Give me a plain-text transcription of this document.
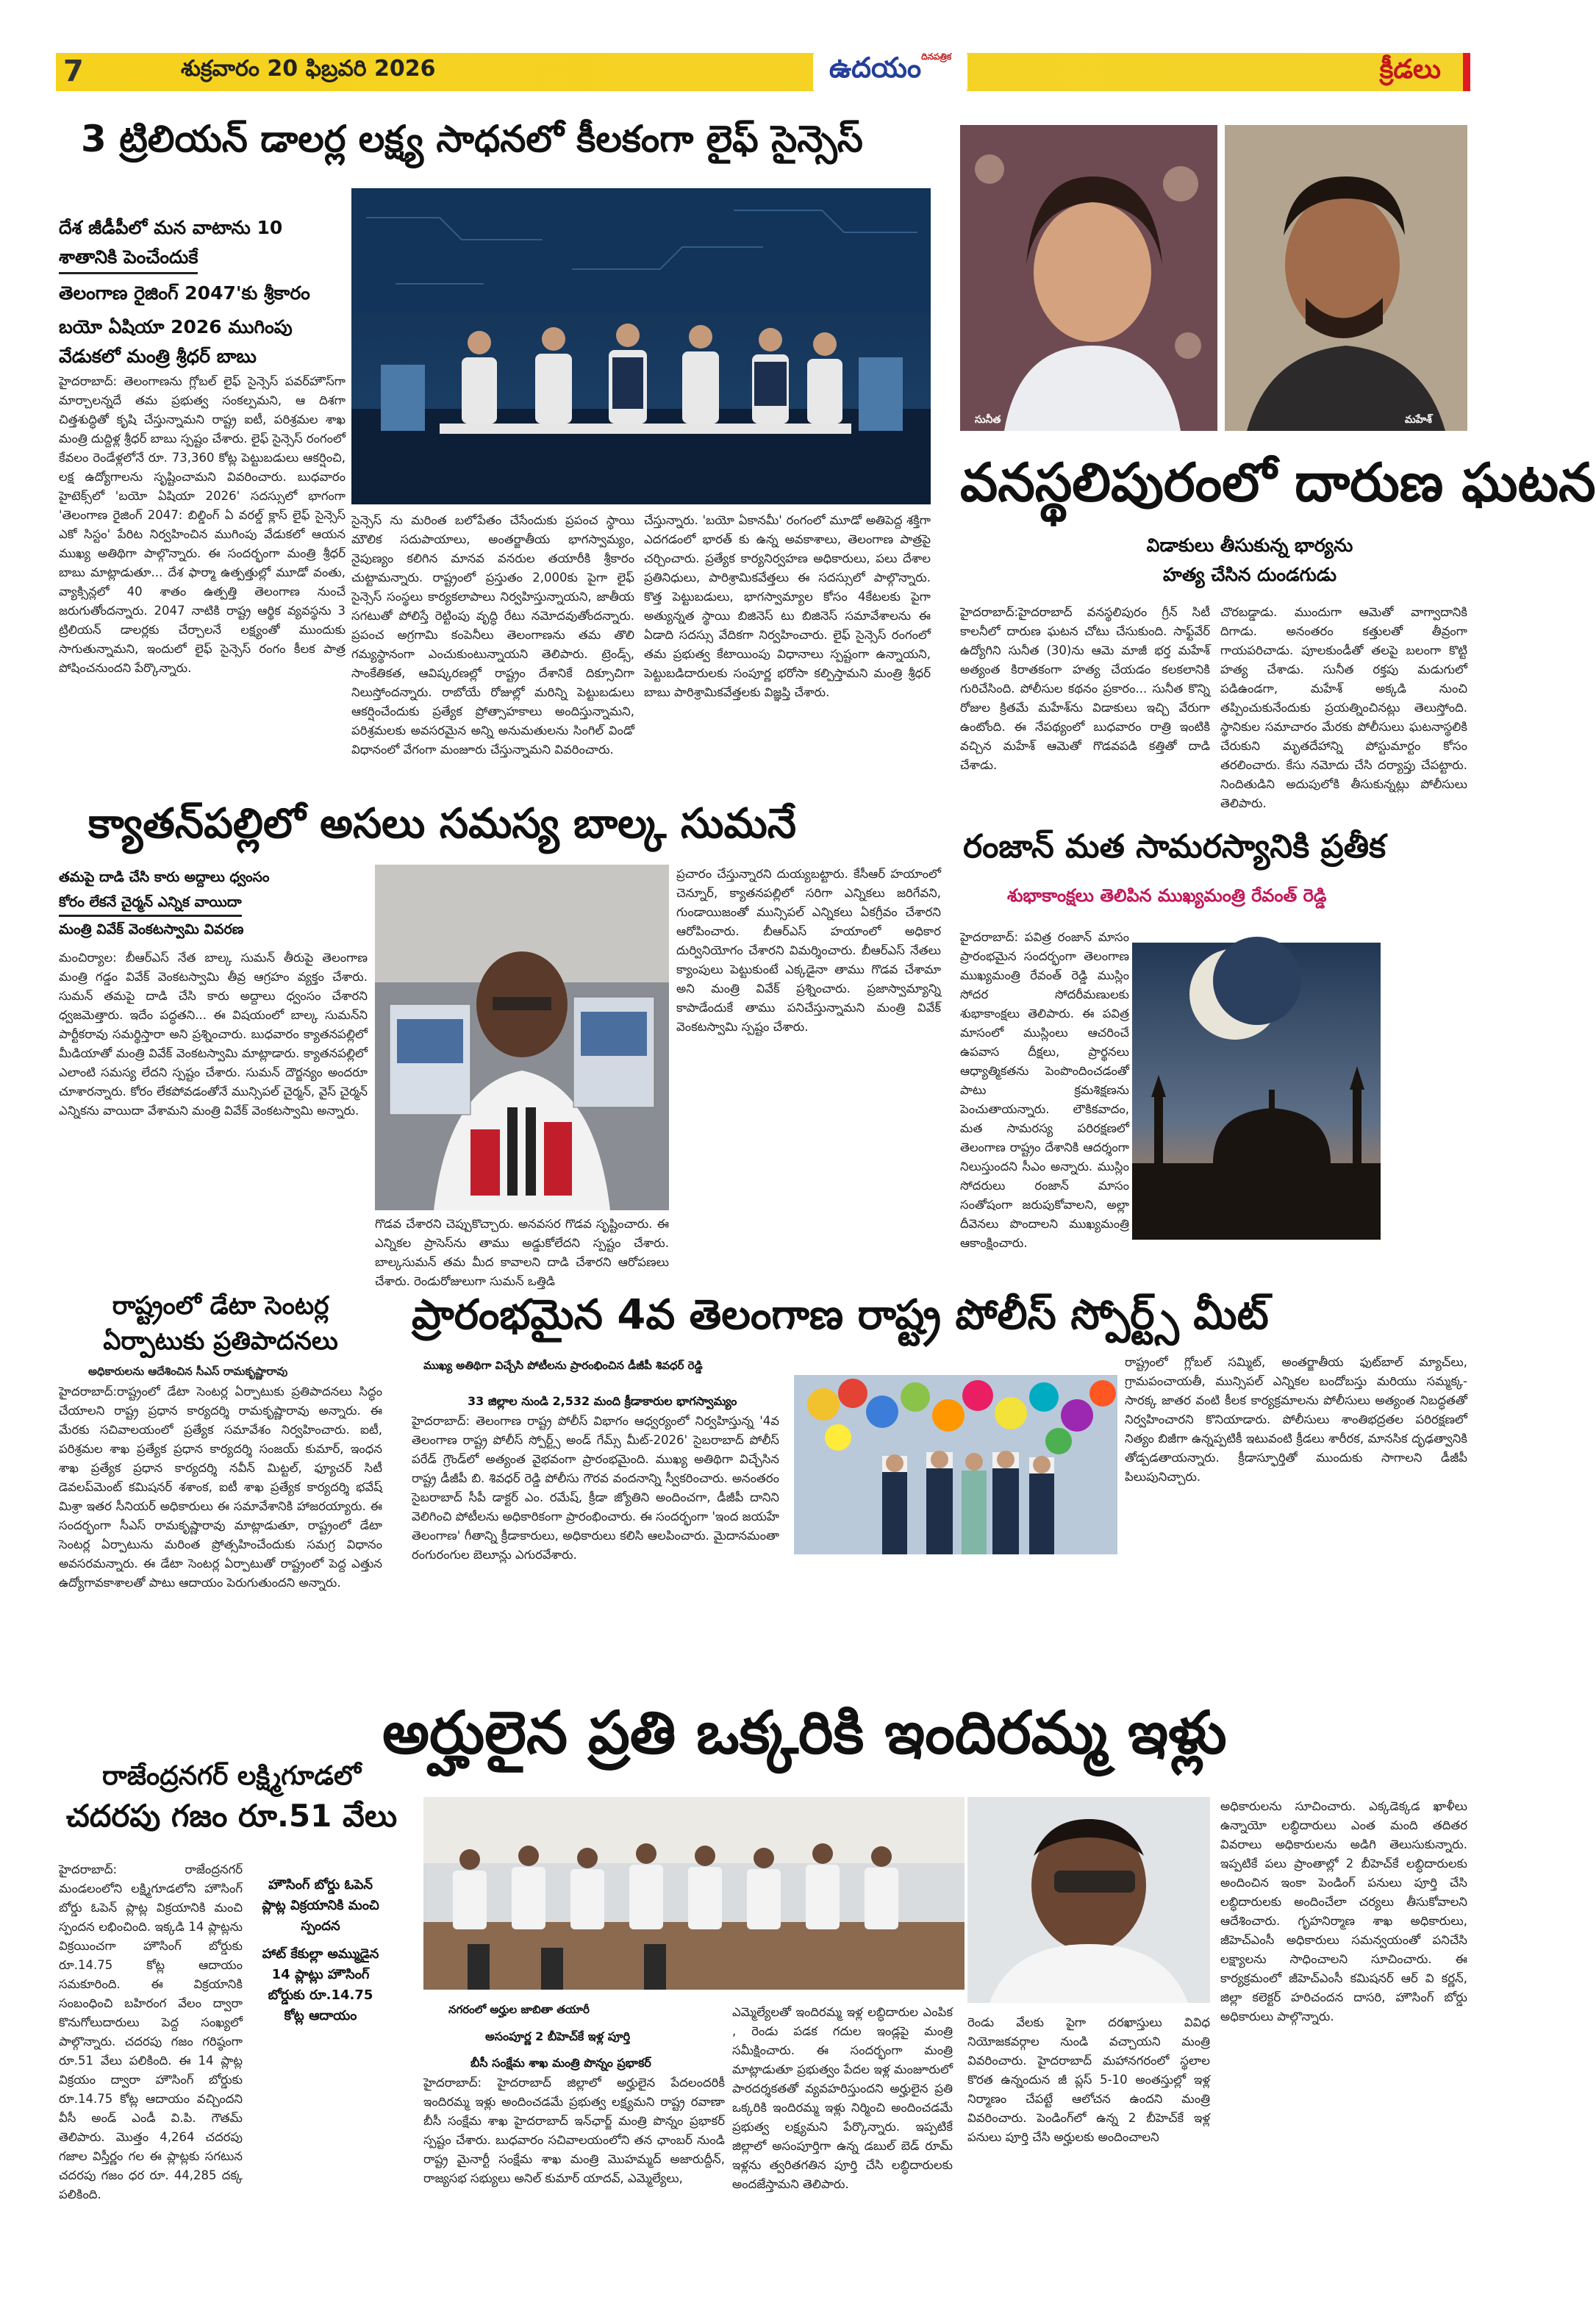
7	శుక్రవారం 20 ఫిబ్రవరి 2026	ఉదయం$^{దినపత్రిక}$	క్రీడలు
3 ట్రిలియన్ డాలర్ల లక్ష్య సాధనలో కీలకంగా లైఫ్ సైన్సెస్
దేశ జీడీపీలో మన వాటాను 10
శాతానికి పెంచేందుకే
తెలంగాణ రైజింగ్ 2047'కు శ్రీకారం
బయో ఏషియా 2026 ముగింపు
వేడుకలో మంత్రి శ్రీధర్ బాబు
హైదరాబాద్: తెలంగాణను గ్లోబల్ లైఫ్ సైన్సెస్ పవర్‌హౌస్‌గా మార్చాలన్నదే తమ ప్రభుత్వ సంకల్పమని, ఆ దిశగా చిత్తశుద్ధితో కృషి చేస్తున్నామని రాష్ట్ర ఐటీ, పరిశ్రమల శాఖ మంత్రి దుద్దిళ్ల శ్రీధర్ బాబు స్పష్టం చేశారు. లైఫ్ సైన్సెస్ రంగంలో కేవలం రెండేళ్లలోనే రూ. 73,360 కోట్ల పెట్టుబడులు ఆకర్షించి, లక్ష ఉద్యోగాలను సృష్టించామని వివరించారు. బుధవారం హైటెక్స్‌లో 'బయో ఏషియా 2026' సదస్సులో భాగంగా 'తెలంగాణ రైజింగ్ 2047: బిల్డింగ్ ఏ వరల్డ్ క్లాస్ లైఫ్ సైన్సెస్ ఎకో సిస్టం' పేరిట నిర్వహించిన ముగింపు వేడుకలో ఆయన ముఖ్య అతిథిగా పాల్గొన్నారు. ఈ సందర్భంగా మంత్రి శ్రీధర్ బాబు మాట్లాడుతూ... దేశ ఫార్మా ఉత్పత్తుల్లో మూడో వంతు, వ్యాక్సిన్లలో 40 శాతం ఉత్పత్తి తెలంగాణ నుంచే జరుగుతోందన్నారు. 2047 నాటికి రాష్ట్ర ఆర్థిక వ్యవస్థను 3 ట్రిలియన్ డాలర్లకు చేర్చాలనే లక్ష్యంతో ముందుకు సాగుతున్నామని, ఇందులో లైఫ్ సైన్సెస్ రంగం కీలక పాత్ర పోషించనుందని పేర్కొన్నారు.
సైన్సెస్ ను మరింత బలోపేతం చేసేందుకు ప్రపంచ స్థాయి మౌలిక సదుపాయాలు, అంతర్జాతీయ భాగస్వామ్యం, నైపుణ్యం కలిగిన మానవ వనరుల తయారీకి శ్రీకారం చుట్టామన్నారు. రాష్ట్రంలో ప్రస్తుతం 2,000కు పైగా లైఫ్ సైన్సెస్ సంస్థలు కార్యకలాపాలు నిర్వహిస్తున్నాయని, జాతీయ సగటుతో పోలిస్తే రెట్టింపు వృద్ధి రేటు నమోదవుతోందన్నారు. ప్రపంచ అగ్రగామి కంపెనీలు తెలంగాణను తమ తొలి గమ్యస్థానంగా ఎంచుకుంటున్నాయని తెలిపారు. ట్రెండ్స్, సాంకేతికత, ఆవిష్కరణల్లో రాష్ట్రం దేశానికే దిక్సూచిగా నిలుస్తోందన్నారు. రాబోయే రోజుల్లో మరిన్ని పెట్టుబడులు ఆకర్షించేందుకు ప్రత్యేక ప్రోత్సాహకాలు అందిస్తున్నామని, పరిశ్రమలకు అవసరమైన అన్ని అనుమతులను సింగిల్ విండో విధానంలో వేగంగా మంజూరు చేస్తున్నామని వివరించారు.
చేస్తున్నారు. 'బయో ఏకానమీ' రంగంలో మూడో అతిపెద్ద శక్తిగా ఎదగడంలో భారత్ కు ఉన్న అవకాశాలు, తెలంగాణ పాత్రపై చర్చించారు. ప్రత్యేక కార్యనిర్వహణ అధికారులు, పలు దేశాల ప్రతినిధులు, పారిశ్రామికవేత్తలు ఈ సదస్సులో పాల్గొన్నారు. కొత్త పెట్టుబడులు, భాగస్వామ్యాల కోసం 4కేటలకు పైగా అత్యున్నత స్థాయి బిజినెస్ టు బిజినెస్ సమావేశాలను ఈ ఏడాది సదస్సు వేదికగా నిర్వహించారు. లైఫ్ సైన్సెస్ రంగంలో తమ ప్రభుత్వ కేటాయింపు విధానాలు స్పష్టంగా ఉన్నాయని, పెట్టుబడిదారులకు సంపూర్ణ భరోసా కల్పిస్తామని మంత్రి శ్రీధర్ బాబు పారిశ్రామికవేత్తలకు విజ్ఞప్తి చేశారు.
సునీత	మహేశ్
వనస్థలిపురంలో దారుణ ఘటన
విడాకులు తీసుకున్న భార్యను
హత్య చేసిన దుండగుడు
హైదరాబాద్:హైదరాబాద్ వనస్థలిపురం గ్రీన్ సిటీ కాలనీలో దారుణ ఘటన చోటు చేసుకుంది. సాఫ్ట్‌వేర్ ఉద్యోగిని సునీత (30)ను ఆమె మాజీ భర్త మహేశ్ అత్యంత కిరాతకంగా హత్య చేయడం కలకలానికి గురిచేసింది. పోలీసుల కథనం ప్రకారం... సునీత కొన్ని రోజుల క్రితమే మహేశ్‌ను విడాకులు ఇచ్చి వేరుగా ఉంటోంది. ఈ నేపథ్యంలో బుధవారం రాత్రి ఇంటికి వచ్చిన మహేశ్ ఆమెతో గొడవపడి కత్తితో దాడి చేశాడు.
చొరబడ్డాడు. ముందుగా ఆమెతో వాగ్వాదానికి దిగాడు. అనంతరం కత్తులతో తీవ్రంగా గాయపరిచాడు. పూలకుండీతో తలపై బలంగా కొట్టి హత్య చేశాడు. సునీత రక్తపు మడుగులో పడిఉండగా, మహేశ్ అక్కడి నుంచి తప్పించుకునేందుకు ప్రయత్నించినట్లు తెలుస్తోంది. స్థానికుల సమాచారం మేరకు పోలీసులు ఘటనాస్థలికి చేరుకుని మృతదేహాన్ని పోస్టుమార్టం కోసం తరలించారు. కేసు నమోదు చేసి దర్యాప్తు చేపట్టారు. నిందితుడిని అదుపులోకి తీసుకున్నట్లు పోలీసులు తెలిపారు.
క్యాతన్‌పల్లిలో అసలు సమస్య బాల్క సుమనే
తమపై దాడి చేసి కారు అద్దాలు ధ్వంసం
కోరం లేకనే చైర్మన్ ఎన్నిక వాయిదా
మంత్రి వివేక్ వెంకటస్వామి వివరణ
మంచిర్యాల: బీఆర్ఎస్ నేత బాల్క సుమన్ తీరుపై తెలంగాణ మంత్రి గడ్డం వివేక్ వెంకటస్వామి తీవ్ర ఆగ్రహం వ్యక్తం చేశారు. సుమన్ తమపై దాడి చేసి కారు అద్దాలు ధ్వంసం చేశారని ధ్వజమెత్తారు. ఇదేం పద్ధతని... ఈ విషయంలో బాల్క సుమన్‌ని పార్టీకరావు సమర్థిస్తారా అని ప్రశ్నించారు. బుధవారం క్యాతనపల్లిలో మీడియాతో మంత్రి వివేక్ వెంకటస్వామి మాట్లాడారు. క్యాతనపల్లిలో ఎలాంటి సమస్య లేదని స్పష్టం చేశారు. సుమన్ దౌర్జన్యం అందరూ చూశారన్నారు. కోరం లేకపోవడంతోనే మున్సిపల్ చైర్మన్, వైస్ చైర్మన్ ఎన్నికను వాయిదా వేశామని మంత్రి వివేక్ వెంకటస్వామి అన్నారు.
గొడవ చేశారని చెప్పుకొచ్చారు. అనవసర గొడవ సృష్టించారు. ఈ ఎన్నికల ప్రాసెస్‌ను తాము అడ్డుకోలేదని స్పష్టం చేశారు. బాల్కసుమన్ తమ మీద కావాలని దాడి చేశారని ఆరోపణలు చేశారు. రెండురోజులుగా సుమన్ ఒత్తిడి
ప్రచారం చేస్తున్నారని దుయ్యబట్టారు. కేసీఆర్ హయాంలో చెన్నూర్, క్యాతనపల్లిలో సరిగా ఎన్నికలు జరిగేవని, గుండాయిజంతో మున్సిపల్ ఎన్నికలు ఏకగ్రీవం చేశారని ఆరోపించారు. బీఆర్ఎస్ హయాంలో అధికార దుర్వినియోగం చేశారని విమర్శించారు. బీఆర్ఎస్ నేతలు క్యాంపులు పెట్టుకుంటే ఎక్కడైనా తాము గొడవ చేశామా అని మంత్రి వివేక్ ప్రశ్నించారు. ప్రజాస్వామ్యాన్ని కాపాడేందుకే తాము పనిచేస్తున్నామని మంత్రి వివేక్ వెంకటస్వామి స్పష్టం చేశారు.
రంజాన్ మత సామరస్యానికి ప్రతీక
శుభాకాంక్షలు తెలిపిన ముఖ్యమంత్రి రేవంత్ రెడ్డి
హైదరాబాద్: పవిత్ర రంజాన్ మాసం ప్రారంభమైన సందర్భంగా తెలంగాణ ముఖ్యమంత్రి రేవంత్ రెడ్డి ముస్లిం సోదర సోదరీమణులకు శుభాకాంక్షలు తెలిపారు. ఈ పవిత్ర మాసంలో ముస్లింలు ఆచరించే ఉపవాస దీక్షలు, ప్రార్థనలు ఆధ్యాత్మికతను పెంపొందించడంతో పాటు క్రమశిక్షణను పెంచుతాయన్నారు. లౌకికవాదం, మత సామరస్య పరిరక్షణలో తెలంగాణ రాష్ట్రం దేశానికి ఆదర్శంగా నిలుస్తుందని సీఎం అన్నారు. ముస్లిం సోదరులు రంజాన్ మాసం సంతోషంగా జరుపుకోవాలని, అల్లా దీవెనలు పొందాలని ముఖ్యమంత్రి ఆకాంక్షించారు.
రాష్ట్రంలో డేటా సెంటర్ల ఏర్పాటుకు ప్రతిపాదనలు
అధికారులను ఆదేశించిన సీఎస్ రామకృష్ణారావు
హైదరాబాద్:రాష్ట్రంలో డేటా సెంటర్ల ఏర్పాటుకు ప్రతిపాదనలు సిద్ధం చేయాలని రాష్ట్ర ప్రధాన కార్యదర్శి రామకృష్ణారావు అన్నారు. ఈ మేరకు సచివాలయంలో ప్రత్యేక సమావేశం నిర్వహించారు. ఐటీ, పరిశ్రమల శాఖ ప్రత్యేక ప్రధాన కార్యదర్శి సంజయ్ కుమార్, ఇంధన శాఖ ప్రత్యేక ప్రధాన కార్యదర్శి నవీన్ మిట్టల్, ఫ్యూచర్ సిటీ డెవలప్‌మెంట్ కమిషనర్ శశాంక, ఐటీ శాఖ ప్రత్యేక కార్యదర్శి భవేష్ మిశ్రా ఇతర సీనియర్ అధికారులు ఈ సమావేశానికి హాజరయ్యారు. ఈ సందర్భంగా సీఎస్ రామకృష్ణారావు మాట్లాడుతూ, రాష్ట్రంలో డేటా సెంటర్ల ఏర్పాటును మరింత ప్రోత్సహించేందుకు సమగ్ర విధానం అవసరమన్నారు. ఈ డేటా సెంటర్ల ఏర్పాటుతో రాష్ట్రంలో పెద్ద ఎత్తున ఉద్యోగావకాశాలతో పాటు ఆదాయం పెరుగుతుందని అన్నారు.
ప్రారంభమైన 4వ తెలంగాణ రాష్ట్ర పోలీస్ స్పోర్ట్స్ మీట్
ముఖ్య అతిథిగా విచ్చేసి పోటీలను ప్రారంభించిన డీజీపీ శివధర్ రెడ్డి
33 జిల్లాల నుండి 2,532 మంది క్రీడాకారుల భాగస్వామ్యం
హైదరాబాద్: తెలంగాణ రాష్ట్ర పోలీస్ విభాగం ఆధ్వర్యంలో నిర్వహిస్తున్న '4వ తెలంగాణ రాష్ట్ర పోలీస్ స్పోర్ట్స్ అండ్ గేమ్స్ మీట్-2026' సైబరాబాద్ పోలీస్ పరేడ్ గ్రౌండ్‌లో అత్యంత వైభవంగా ప్రారంభమైంది. ముఖ్య అతిథిగా విచ్చేసిన రాష్ట్ర డీజీపీ బి. శివధర్ రెడ్డి పోలీసు గౌరవ వందనాన్ని స్వీకరించారు. అనంతరం సైబరాబాద్ సీపీ డాక్టర్ ఎం. రమేష్, క్రీడా జ్యోతిని అందించగా, డీజీపీ దానిని వెలిగించి పోటీలను అధికారికంగా ప్రారంభించారు. ఈ సందర్భంగా 'ఇంద జయహే తెలంగాణ' గీతాన్ని క్రీడాకారులు, అధికారులు కలిసి ఆలపించారు. మైదానమంతా రంగురంగుల బెలూన్లు ఎగురవేశారు.
రాష్ట్రంలో గ్లోబల్ సమ్మిట్, అంతర్జాతీయ ఫుట్‌బాల్ మ్యాచ్‌లు, గ్రామపంచాయతీ, మున్సిపల్ ఎన్నికల బందోబస్తు మరియు సమ్మక్క-సారక్క జాతర వంటి కీలక కార్యక్రమాలను పోలీసులు అత్యంత నిబద్ధతతో నిర్వహించారని కొనియాడారు. పోలీసులు శాంతిభద్రతల పరిరక్షణలో నిత్యం బిజీగా ఉన్నప్పటికీ ఇటువంటి క్రీడలు శారీరక, మానసిక దృఢత్వానికి తోడ్పడతాయన్నారు. క్రీడాస్ఫూర్తితో ముందుకు సాగాలని డీజీపీ పిలుపునిచ్చారు.
అర్హులైన ప్రతి ఒక్కరికి ఇందిరమ్మ ఇళ్లు
నగరంలో అర్హుల జాబితా తయారీ
అసంపూర్ణ 2 బీహెచ్‌కే ఇళ్ల పూర్తి
బీసీ సంక్షేమ శాఖ మంత్రి పొన్నం ప్రభాకర్
హైదరాబాద్: హైదరాబాద్ జిల్లాలో అర్హులైన పేదలందరికీ ఇందిరమ్మ ఇళ్లు అందించడమే ప్రభుత్వ లక్ష్యమని రాష్ట్ర రవాణా బీసీ సంక్షేమ శాఖ హైదరాబాద్ ఇన్‌ఛార్జ్ మంత్రి పొన్నం ప్రభాకర్ స్పష్టం చేశారు. బుధవారం సచివాలయంలోని తన ఛాంబర్ నుండి రాష్ట్ర మైనార్టీ సంక్షేమ శాఖ మంత్రి మొహమ్మద్ అజారుద్దీన్, రాజ్యసభ సభ్యులు అనిల్ కుమార్ యాదవ్, ఎమ్మెల్యేలు,
ఎమ్మెల్యేలతో ఇందిరమ్మ ఇళ్ల లబ్ధిదారుల ఎంపిక , రెండు పడక గదుల ఇండ్లపై మంత్రి సమీక్షించారు. ఈ సందర్భంగా మంత్రి మాట్లాడుతూ ప్రభుత్వం పేదల ఇళ్ల మంజూరులో పారదర్శకతతో వ్యవహరిస్తుందని అర్హులైన ప్రతి ఒక్కరికి ఇందిరమ్మ ఇళ్లు నిర్మించి అందించడమే ప్రభుత్వ లక్ష్యమని పేర్కొన్నారు. ఇప్పటికే జిల్లాలో అసంపూర్తిగా ఉన్న డబుల్ బెడ్ రూమ్ ఇళ్లను త్వరితగతిన పూర్తి చేసి లబ్ధిదారులకు అందజేస్తామని తెలిపారు.
రెండు వేలకు పైగా దరఖాస్తులు వివిధ నియోజకవర్గాల నుండి వచ్చాయని మంత్రి వివరించారు. హైదరాబాద్ మహానగరంలో స్థలాల కొరత ఉన్నందున జీ ప్లస్ 5-10 అంతస్తుల్లో ఇళ్ల నిర్మాణం చేపట్టే ఆలోచన ఉందని మంత్రి వివరించారు. పెండింగ్‌లో ఉన్న 2 బీహెచ్‌కే ఇళ్ల పనులు పూర్తి చేసి అర్హులకు అందించాలని
అధికారులను సూచించారు. ఎక్కడెక్కడ ఖాళీలు ఉన్నాయో లబ్ధిదారులు ఎంత మంది తదితర వివరాలు అధికారులను అడిగి తెలుసుకున్నారు. ఇప్పటికే పలు ప్రాంతాల్లో 2 బీహెచ్‌కే లబ్ధిదారులకు అందించిన ఇంకా పెండింగ్ పనులు పూర్తి చేసి లబ్ధిదారులకు అందించేలా చర్యలు తీసుకోవాలని ఆదేశించారు. గృహనిర్మాణ శాఖ అధికారులు, జీహెచ్ఎంసీ అధికారులు సమన్వయంతో పనిచేసి లక్ష్యాలను సాధించాలని సూచించారు. ఈ కార్యక్రమంలో జీహెచ్ఎంసీ కమిషనర్ ఆర్ వి కర్ణన్, జిల్లా కలెక్టర్ హరిచందన దాసరి, హౌసింగ్ బోర్డు అధికారులు పాల్గొన్నారు.
రాజేంద్రనగర్ లక్ష్మిగూడలో
చదరపు గజం రూ.51 వేలు
హైదరాబాద్: రాజేంద్రనగర్ మండలంలోని లక్ష్మిగూడలోని హౌసింగ్ బోర్డు ఓపెన్ ప్లాట్ల విక్రయానికి మంచి స్పందన లభించింది. ఇక్కడి 14 ప్లాట్లను విక్రయించగా హౌసింగ్ బోర్డుకు రూ.14.75 కోట్ల ఆదాయం సమకూరింది. ఈ విక్రయానికి సంబంధించి బహిరంగ వేలం ద్వారా కొనుగోలుదారులు పెద్ద సంఖ్యలో పాల్గొన్నారు. చదరపు గజం గరిష్ఠంగా రూ.51 వేలు పలికింది. ఈ 14 ప్లాట్ల విక్రయం ద్వారా హౌసింగ్ బోర్డుకు రూ.14.75 కోట్ల ఆదాయం వచ్చిందని వీసీ అండ్ ఎండీ వి.పి. గౌతమ్ తెలిపారు. మొత్తం 4,264 చదరపు గజాల విస్తీర్ణం గల ఈ ప్లాట్లకు సగటున చదరపు గజం ధర రూ. 44,285 దక్క పలికింది.
హౌసింగ్ బోర్డు ఓపెన్
ప్లాట్ల విక్రయానికి మంచి
స్పందన
హాట్ కేకుల్లా అమ్ముడైన
14 ప్లాట్లు హౌసింగ్
బోర్డుకు రూ.14.75
కోట్ల ఆదాయం
